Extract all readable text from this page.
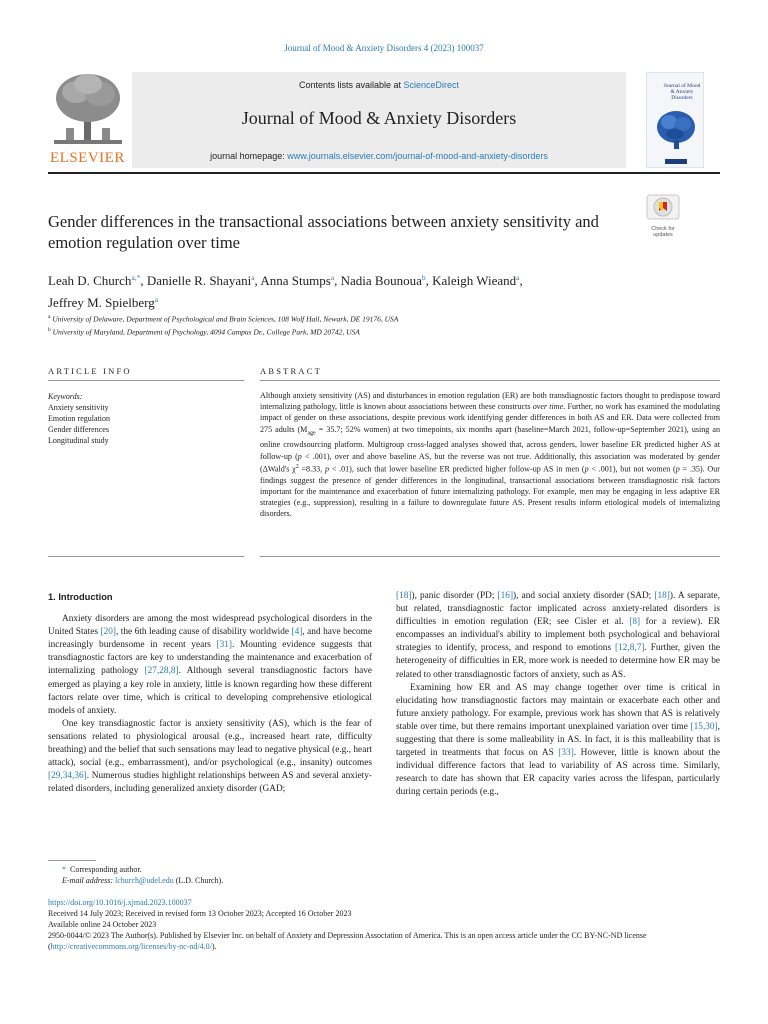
Journal of Mood & Anxiety Disorders 4 (2023) 100037
ELSEVIER
Contents lists available at ScienceDirect
Journal of Mood & Anxiety Disorders
journal homepage: www.journals.elsevier.com/journal-of-mood-and-anxiety-disorders
Journal of Mood & Anxiety Disorders
Gender differences in the transactional associations between anxiety sensitivity and emotion regulation over time
Check for updates
Leah D. Church$^{a,*}$, Danielle R. Shayani$^a$, Anna Stumps$^a$, Nadia Bounoua$^b$, Kaleigh Wieand$^a$,
Jeffrey M. Spielberg$^a$
$^a$ University of Delaware, Department of Psychological and Brain Sciences, 108 Wolf Hall, Newark, DE 19176, USA
$^b$ University of Maryland, Department of Psychology, 4094 Campus Dr., College Park, MD 20742, USA
ARTICLE INFO	ABSTRACT
Keywords:
Anxiety sensitivity
Emotion regulation
Gender differences
Longitudinal study
Although anxiety sensitivity (AS) and disturbances in emotion regulation (ER) are both transdiagnostic factors thought to predispose toward internalizing pathology, little is known about associations between these constructs over time. Further, no work has examined the modulating impact of gender on these associations, despite previous work identifying gender differences in both AS and ER. Data were collected from 275 adults ($M_{age} = 35.7$; 52% women) at two timepoints, six months apart (baseline=March 2021, follow-up=September 2021), using an online crowdsourcing platform. Multigroup cross-lagged analyses showed that, across genders, lower baseline ER predicted higher AS at follow-up (p < .001), over and above baseline AS, but the reverse was not true. Additionally, this association was moderated by gender (ΔWald's $\chi^2 =8.33$, p < .01), such that lower baseline ER predicted higher follow-up AS in men (p < .001), but not women (p = .35). Our findings suggest the presence of gender differences in the longitudinal, transactional associations between transdiagnostic risk factors important for the maintenance and exacerbation of future internalizing pathology. For example, men may be engaging in less adaptive ER strategies (e.g., suppression), resulting in a failure to downregulate future AS. Present results inform etiological models of internalizing disorders.
1. Introduction

Anxiety disorders are among the most widespread psychological disorders in the United States [20], the 6th leading cause of disability worldwide [4], and have become increasingly burdensome in recent years [31]. Mounting evidence suggests that transdiagnostic factors are key to understanding the maintenance and exacerbation of internalizing pathology [27,28,8]. Although several transdiagnostic factors have emerged as playing a key role in anxiety, little is known regarding how these different factors relate over time, which is critical to developing comprehensive etiological models of anxiety.

One key transdiagnostic factor is anxiety sensitivity (AS), which is the fear of sensations related to physiological arousal (e.g., increased heart rate, difficulty breathing) and the belief that such sensations may lead to negative physical (e.g., heart attack), social (e.g., embarrassment), and/or psychological (e.g., insanity) outcomes [29,34,36]. Numerous studies highlight relationships between AS and several anxiety-related disorders, including generalized anxiety disorder (GAD;

[18]), panic disorder (PD; [16]), and social anxiety disorder (SAD; [18]). A separate, but related, transdiagnostic factor implicated across anxiety-related disorders is difficulties in emotion regulation (ER; see Cisler et al. [8] for a review). ER encompasses an individual's ability to implement both psychological and behavioral strategies to identify, process, and respond to emotions [12,8,7]. Further, given the heterogeneity of difficulties in ER, more work is needed to determine how ER may be related to other transdiagnostic factors of anxiety, such as AS.

Examining how ER and AS may change together over time is critical in elucidating how transdiagnostic factors may maintain or exacerbate each other and future anxiety pathology. For example, previous work has shown that AS is relatively stable over time, but there remains important unexplained variation over time [15,30], suggesting that there is some malleability in AS. In fact, it is this malleability that is targeted in treatments that focus on AS [33]. However, little is known about the individual difference factors that lead to variability of AS across time. Similarly, research to date has shown that ER capacity varies across the lifespan, particularly during certain periods (e.g.,

* Corresponding author.
E-mail address: lchurch@udel.edu (L.D. Church).
https://doi.org/10.1016/j.xjmad.2023.100037
Received 14 July 2023; Received in revised form 13 October 2023; Accepted 16 October 2023
Available online 24 October 2023
2950-0044/© 2023 The Author(s). Published by Elsevier Inc. on behalf of Anxiety and Depression Association of America. This is an open access article under the CC BY-NC-ND license (http://creativecommons.org/licenses/by-nc-nd/4.0/).
